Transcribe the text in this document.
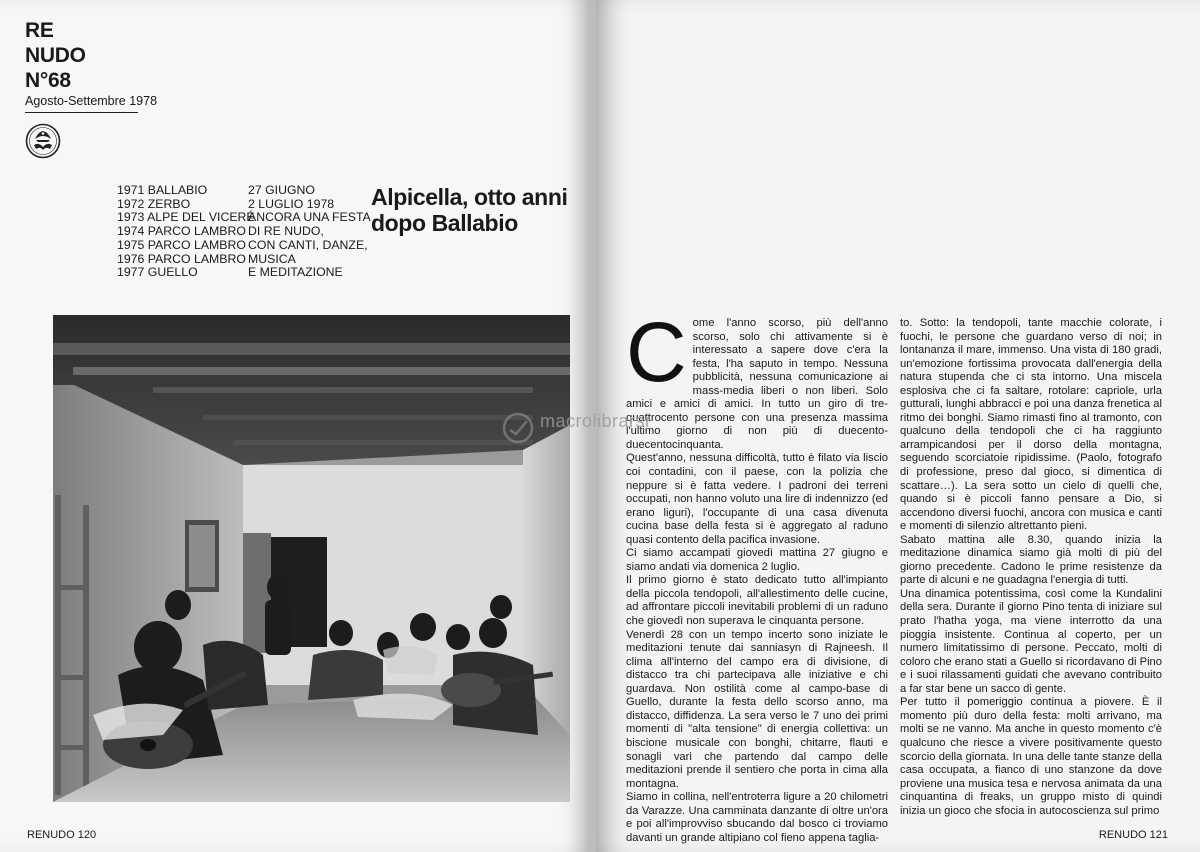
RE
NUDO
N°68
Agosto-Settembre 1978
1971 BALLABIO
1972 ZERBO
1973 ALPE DEL VICERÉ
1974 PARCO LAMBRO
1975 PARCO LAMBRO
1976 PARCO LAMBRO
1977 GUELLO
27 GIUGNO
2 LUGLIO 1978
ANCORA UNA FESTA
DI RE NUDO,
CON CANTI, DANZE,
MUSICA
E MEDITAZIONE
Alpicella, otto anni
dopo Ballabio
RENUDO 120

Come l'anno scorso, più dell'anno scorso, solo chi attivamente si è interessato a sapere dove c'era la festa, l'ha saputo in tempo. Nessuna pubblicità, nessuna comunicazione ai mass-media liberi o non liberi. Solo amici e amici di amici. In tutto un giro di tre-quattrocento persone con una presenza massima l'ultimo giorno di non più di duecento-duecentocinquanta.

Quest'anno, nessuna difficoltà, tutto è filato via liscio coi contadini, con il paese, con la polizia che neppure si è fatta vedere. I padroni dei terreni occupati, non hanno voluto una lire di indennizzo (ed erano liguri), l'occupante di una casa divenuta cucina base della festa si è aggregato al raduno quasi contento della pacifica invasione.

Ci siamo accampati giovedì mattina 27 giugno e siamo andati via domenica 2 luglio.

Il primo giorno è stato dedicato tutto all'impianto della piccola tendopoli, all'allestimento delle cucine, ad affrontare piccoli inevitabili problemi di un raduno che giovedì non superava le cinquanta persone.

Venerdì 28 con un tempo incerto sono iniziate le meditazioni tenute dai sanniasyn di Rajneesh. Il clima all'interno del campo era di divisione, di distacco tra chi partecipava alle iniziative e chi guardava. Non ostilità come al campo-base di Guello, durante la festa dello scorso anno, ma distacco, diffidenza. La sera verso le 7 uno dei primi momenti di "alta tensione" di energia collettiva: un biscione musicale con bonghi, chitarre, flauti e sonagli vari che partendo dal campo delle meditazioni prende il sentiero che porta in cima alla montagna.

Siamo in collina, nell'entroterra ligure a 20 chilometri da Varazze. Una camminata danzante di oltre un'ora e poi all'improvviso sbucando dal bosco ci troviamo davanti un grande altipiano col fieno appena taglia-

to. Sotto: la tendopoli, tante macchie colorate, i fuochi, le persone che guardano verso di noi; in lontananza il mare, immenso. Una vista di 180 gradi, un'emozione fortissima provocata dall'energia della natura stupenda che ci sta intorno. Una miscela esplosiva che ci fa saltare, rotolare: capriole, urla gutturali, lunghi abbracci e poi una danza frenetica al ritmo dei bonghi. Siamo rimasti fino al tramonto, con qualcuno della tendopoli che ci ha raggiunto arrampicandosi per il dorso della montagna, seguendo scorciatoie ripidissime. (Paolo, fotografo di professione, preso dal gioco, si dimentica di scattare…). La sera sotto un cielo di quelli che, quando si è piccoli fanno pensare a Dio, si accendono diversi fuochi, ancora con musica e canti e momenti di silenzio altrettanto pieni.

Sabato mattina alle 8.30, quando inizia la meditazione dinamica siamo già molti di più del giorno precedente. Cadono le prime resistenze da parte di alcuni e ne guadagna l'energia di tutti.

Una dinamica potentissima, così come la Kundalini della sera. Durante il giorno Pino tenta di iniziare sul prato l'hatha yoga, ma viene interrotto da una pioggia insistente. Continua al coperto, per un numero limitatissimo di persone. Peccato, molti di coloro che erano stati a Guello si ricordavano di Pino e i suoi rilassamenti guidati che avevano contribuito a far star bene un sacco di gente.

Per tutto il pomeriggio continua a piovere. È il momento più duro della festa: molti arrivano, ma molti se ne vanno. Ma anche in questo momento c'è qualcuno che riesce a vivere positivamente questo scorcio della giornata. In una delle tante stanze della casa occupata, a fianco di uno stanzone da dove proviene una musica tesa e nervosa animata da una cinquantina di freaks, un gruppo misto di quindi inizia un gioco che sfocia in autocoscienza sul primo

RENUDO 121
macrolibrarsi
